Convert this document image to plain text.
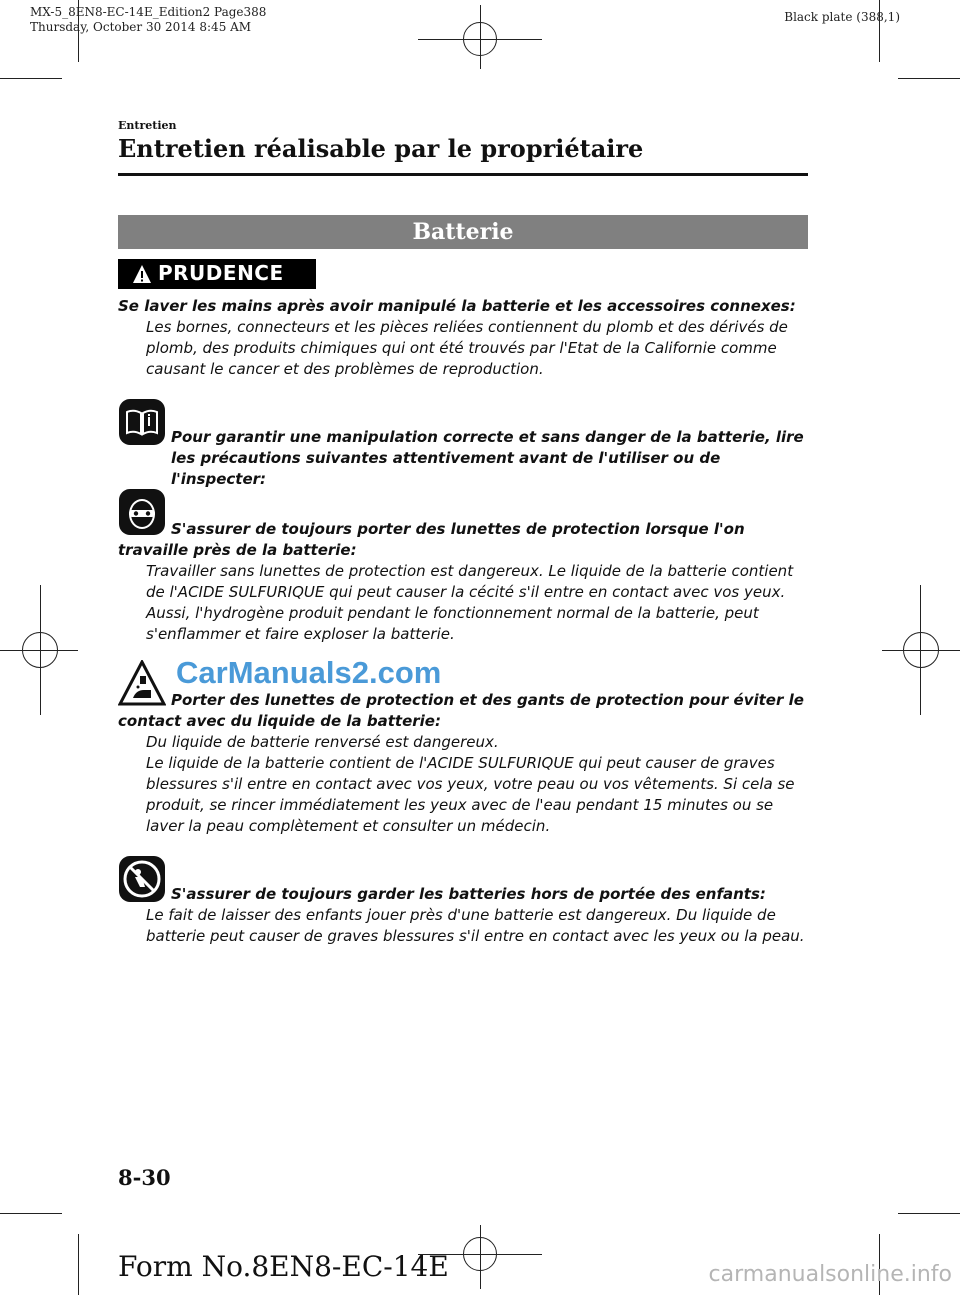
MX-5_8EN8-EC-14E_Edition2 Page388
Thursday, October 30 2014 8:45 AM
Black plate (388,1)
Entretien
Entretien réalisable par le propriétaire
Batterie
PRUDENCE
Se laver les mains après avoir manipulé la batterie et les accessoires connexes:
Les bornes, connecteurs et les pièces reliées contiennent du plomb et des dérivés de plomb, des produits chimiques qui ont été trouvés par l'Etat de la Californie comme causant le cancer et des problèmes de reproduction.
Pour garantir une manipulation correcte et sans danger de la batterie, lire les précautions suivantes attentivement avant de l'utiliser ou de l'inspecter:
S'assurer de toujours porter des lunettes de protection lorsque l'on travaille près de la batterie:
Travailler sans lunettes de protection est dangereux. Le liquide de la batterie contient de l'ACIDE SULFURIQUE qui peut causer la cécité s'il entre en contact avec vos yeux. Aussi, l'hydrogène produit pendant le fonctionnement normal de la batterie, peut s'enflammer et faire exploser la batterie.
CarManuals2.com
Porter des lunettes de protection et des gants de protection pour éviter le contact avec du liquide de la batterie:
Du liquide de batterie renversé est dangereux.
Le liquide de la batterie contient de l'ACIDE SULFURIQUE qui peut causer de graves blessures s'il entre en contact avec vos yeux, votre peau ou vos vêtements. Si cela se produit, se rincer immédiatement les yeux avec de l'eau pendant 15 minutes ou se laver la peau complètement et consulter un médecin.
S'assurer de toujours garder les batteries hors de portée des enfants:
Le fait de laisser des enfants jouer près d'une batterie est dangereux. Du liquide de batterie peut causer de graves blessures s'il entre en contact avec les yeux ou la peau.
8-30
Form No.8EN8-EC-14E	carmanualsonline.info
